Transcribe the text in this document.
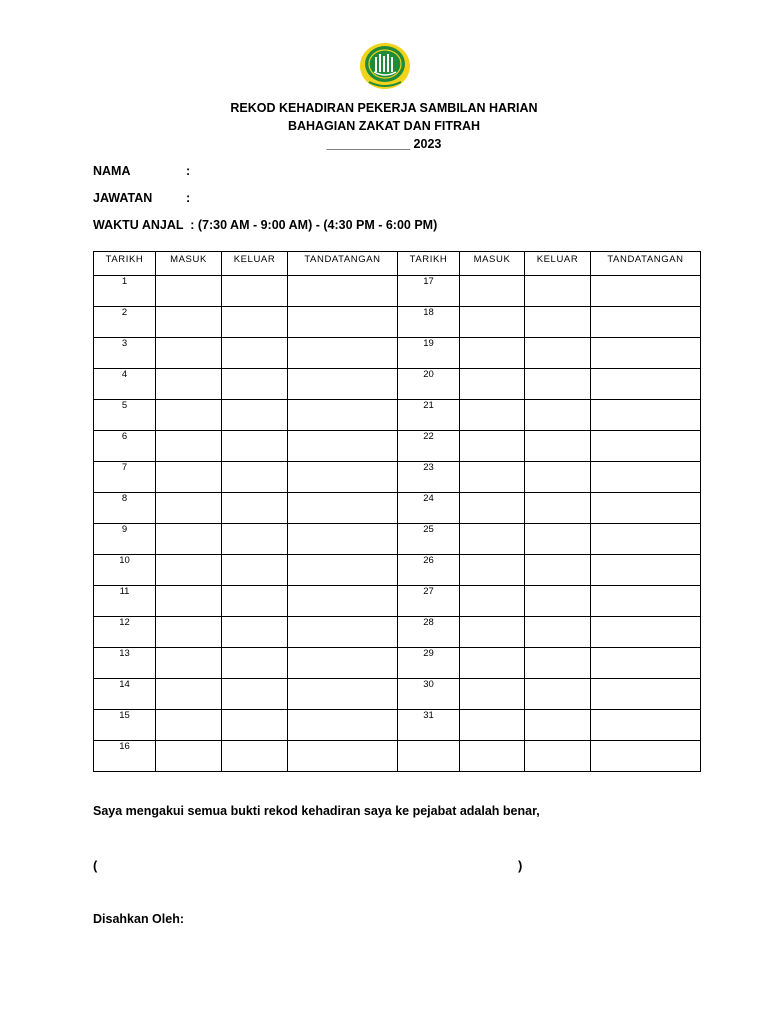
REKOD KEHADIRAN PEKERJA SAMBILAN HARIAN
BAHAGIAN ZAKAT DAN FITRAH
____________ 2023
NAMA	:
JAWATAN	:
WAKTU ANJAL  : (7:30 AM - 9:00 AM) - (4:30 PM - 6:00 PM)
TARIKH	MASUK	KELUAR	TANDATANGAN	TARIKH	MASUK	KELUAR	TANDATANGAN
1				17			
2				18			
3				19			
4				20			
5				21			
6				22			
7				23			
8				24			
9				25			
10				26			
11				27			
12				28			
13				29			
14				30			
15				31			
16							
Saya mengakui semua bukti rekod kehadiran saya ke pejabat adalah benar,
(	)
Disahkan Oleh:
